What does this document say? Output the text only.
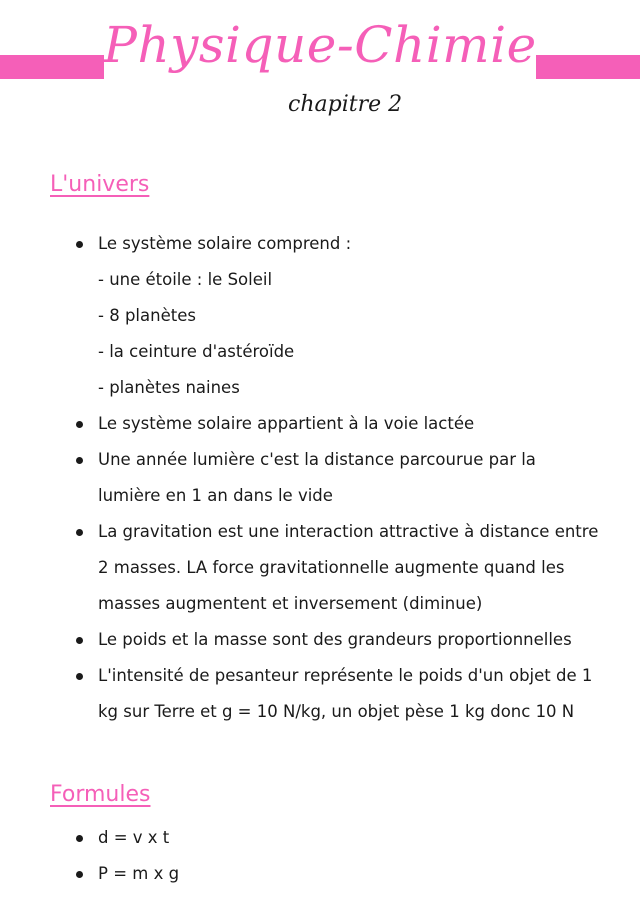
Physique-Chimie
chapitre 2
L'univers
Le système solaire comprend :
- une étoile : le Soleil
- 8 planètes
- la ceinture d'astéroïde
- planètes naines
Le système solaire appartient à la voie lactée
Une année lumière c'est la distance parcourue par la lumière en 1 an dans le vide
La gravitation est une interaction attractive à distance entre 2 masses. LA force gravitationnelle augmente quand les masses augmentent et inversement (diminue)
Le poids et la masse sont des grandeurs proportionnelles
L'intensité de pesanteur représente le poids d'un objet de 1 kg sur Terre et g = 10 N/kg, un objet pèse 1 kg donc 10 N
Formules
d = v x t
P = m x g
